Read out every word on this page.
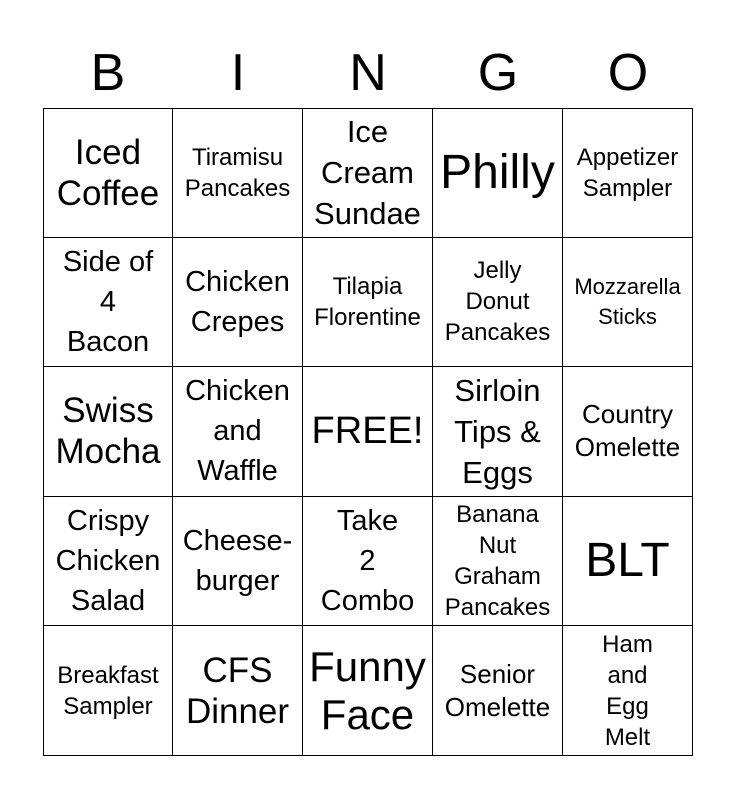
B	I	N	G	O
Iced
Coffee
Tiramisu
Pancakes
Ice
Cream
Sundae
Philly Appetizer
Sampler
Side of
4
Bacon
Chicken
Crepes
Tilapia
Florentine
Jelly
Donut
Pancakes
Mozzarella
Sticks
Swiss
Mocha
Chicken
and
Waffle
FREE!
Sirloin
Tips &
Eggs
Country
Omelette
Crispy
Chicken
Salad
Cheese-
burger
Take
2
Combo
Banana
Nut
Graham
Pancakes
BLT
Breakfast
Sampler
CFS
Dinner
Funny
Face
Senior
Omelette
Ham
and
Egg
Melt
